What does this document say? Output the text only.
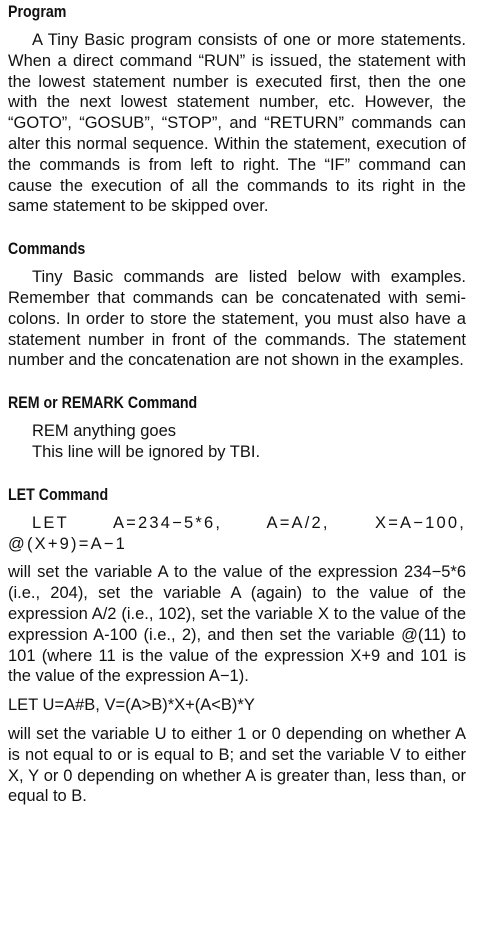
Program

A Tiny Basic program consists of one or more statements. When a direct command “RUN” is issued, the statement with the lowest statement number is executed first, then the one with the next lowest statement number, etc. However, the “GOTO”, “GOSUB”, “STOP”, and “RETURN” commands can alter this normal sequence. Within the statement, execution of the commands is from left to right. The “IF” command can cause the execution of all the commands to its right in the same statement to be skipped over.

Commands

Tiny Basic commands are listed below with examples. Remember that commands can be concatenated with semi-colons. In order to store the statement, you must also have a statement number in front of the commands. The statement number and the concatenation are not shown in the examples.

REM or REMARK Command

REM anything goes

This line will be ignored by TBI.

LET Command

LET A=234−5*6, A=A/2, X=A−100, @(X+9)=A−1

will set the variable A to the value of the expression 234−5*6 (i.e., 204), set the variable A (again) to the value of the expression A/2 (i.e., 102), set the variable X to the value of the expression A-100 (i.e., 2), and then set the variable @(11) to 101 (where 11 is the value of the expression X+9 and 101 is the value of the expression A−1).

LET U=A#B, V=(A>B)*X+(A<B)*Y

will set the variable U to either 1 or 0 depending on whether A is not equal to or is equal to B; and set the variable V to either X, Y or 0 depending on whether A is greater than, less than, or equal to B.
